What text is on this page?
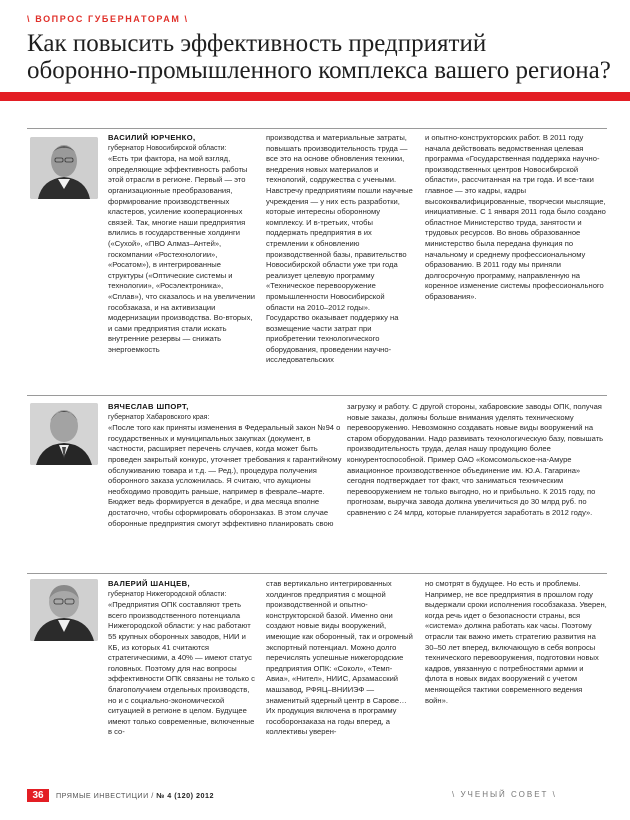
\ ВОПРОС ГУБЕРНАТОРАМ \
Как повысить эффективность предприятий
оборонно-промышленного комплекса вашего региона?

ВАСИЛИЙ ЮРЧЕНКО,

губернатор Новосибирской области:

«Есть три фактора, на мой взгляд, определяющие эффективность работы этой отрасли в регионе. Первый — это организационные преобразования, формирование производственных кластеров, усиление кооперационных связей. Так, многие наши предприятия влились в государственные холдинги («Сухой», «ПВО Алмаз–Антей», госкомпании «Ростехнологии», «Росатом»), в интегрированные структуры («Оптические системы и технологии», «Росэлектроника», «Сплав»), что сказалось и на увеличении гособзаказа, и на активизации модернизации производства. Во-вторых, и сами предприятия стали искать внутренние резервы — снижать энергоемкость

производства и материальные затраты, повышать производительность труда — все это на основе обновления техники, внедрения новых материалов и технологий, содружества с учеными. Навстречу предприятиям пошли научные учреждения — у них есть разработки, которые интересны оборонному комплексу. И в-третьих, чтобы поддержать предприятия в их стремлении к обновлению производственной базы, правительство Новосибирской области уже три года реализует целевую программу «Техническое перевооружение промышленности Новосибирской области на 2010–2012 годы». Государство оказывает поддержку на возмещение части затрат при приобретении технологического оборудования, проведении научно-исследовательских

и опытно-конструкторских работ. В 2011 году начала действовать ведомственная целевая программа «Государственная поддержка научно-производственных центров Новосибирской области», рассчитанная на три года. И все-таки главное — это кадры, кадры высококвалифицированные, творчески мыслящие, инициативные. С 1 января 2011 года было создано областное Министерство труда, занятости и трудовых ресурсов. Во вновь образованное министерство была передана функция по начальному и среднему профессиональному образованию. В 2011 году мы приняли долгосрочную программу, направленную на коренное изменение системы профессионального образования».

ВЯЧЕСЛАВ ШПОРТ,

губернатор Хабаровского края:

«После того как приняты изменения в Федеральный закон №94 о государственных и муниципальных закупках (документ, в частности, расширяет перечень случаев, когда может быть проведен закрытый конкурс, уточняет требования к гарантийному обслуживанию товара и т.д. — Ред.), процедура получения оборонного заказа усложнилась. Я считаю, что аукционы необходимо проводить раньше, например в феврале–марте. Бюджет ведь формируется в декабре, и два месяца вполне достаточно, чтобы сформировать оборонзаказ. В этом случае оборонные предприятия смогут эффективно планировать свою

загрузку и работу. С другой стороны, хабаровские заводы ОПК, получая новые заказы, должны больше внимания уделять техническому перевооружению. Невозможно создавать новые виды вооружений на старом оборудовании. Надо развивать технологическую базу, повышать производительность труда, делая нашу продукцию более конкурентоспособной. Пример ОАО «Комсомольское-на-Амуре авиационное производственное объединение им. Ю.А. Гагарина» сегодня подтверждает тот факт, что заниматься техническим перевооружением не только выгодно, но и прибыльно. К 2015 году, по прогнозам, выручка завода должна увеличиться до 30 млрд руб. по сравнению с 24 млрд, которые планируется заработать в 2012 году».

ВАЛЕРИЙ ШАНЦЕВ,

губернатор Нижегородской области:

«Предприятия ОПК составляют треть всего производственного потенциала Нижегородской области: у нас работают 55 крупных оборонных заводов, НИИ и КБ, из которых 41 считаются стратегическими, а 40% — имеют статус головных. Поэтому для нас вопросы эффективности ОПК связаны не только с благополучием отдельных производств, но и с социально-экономической ситуацией в регионе в целом. Будущее имеют только современные, включенные в со-

став вертикально интегрированных холдингов предприятия с мощной производственной и опытно-конструкторской базой. Именно они создают новые виды вооружений, имеющие как оборонный, так и огромный экспортный потенциал. Можно долго перечислять успешные нижегородские предприятия ОПК: «Сокол», «Темп-Авиа», «Нител», НИИС, Арзамасский машзавод, РФЯЦ–ВНИИЭФ — знаменитый ядерный центр в Сарове… Их продукция включена в программу гособоронзаказа на годы вперед, а коллективы уверен-

но смотрят в будущее. Но есть и проблемы. Например, не все предприятия в прошлом году выдержали сроки исполнения гособзаказа. Уверен, когда речь идет о безопасности страны, вся «система» должна работать как часы. Поэтому отрасли так важно иметь стратегию развития на 30–50 лет вперед, включающую в себя вопросы технического перевооружения, подготовки новых кадров, увязанную с потребностями армии и флота в новых видах вооружений с учетом меняющейся тактики современного ведения войн».

36	ПРЯМЫЕ ИНВЕСТИЦИИ / № 4 (120) 2012	\ УЧЕНЫЙ СОВЕТ \
